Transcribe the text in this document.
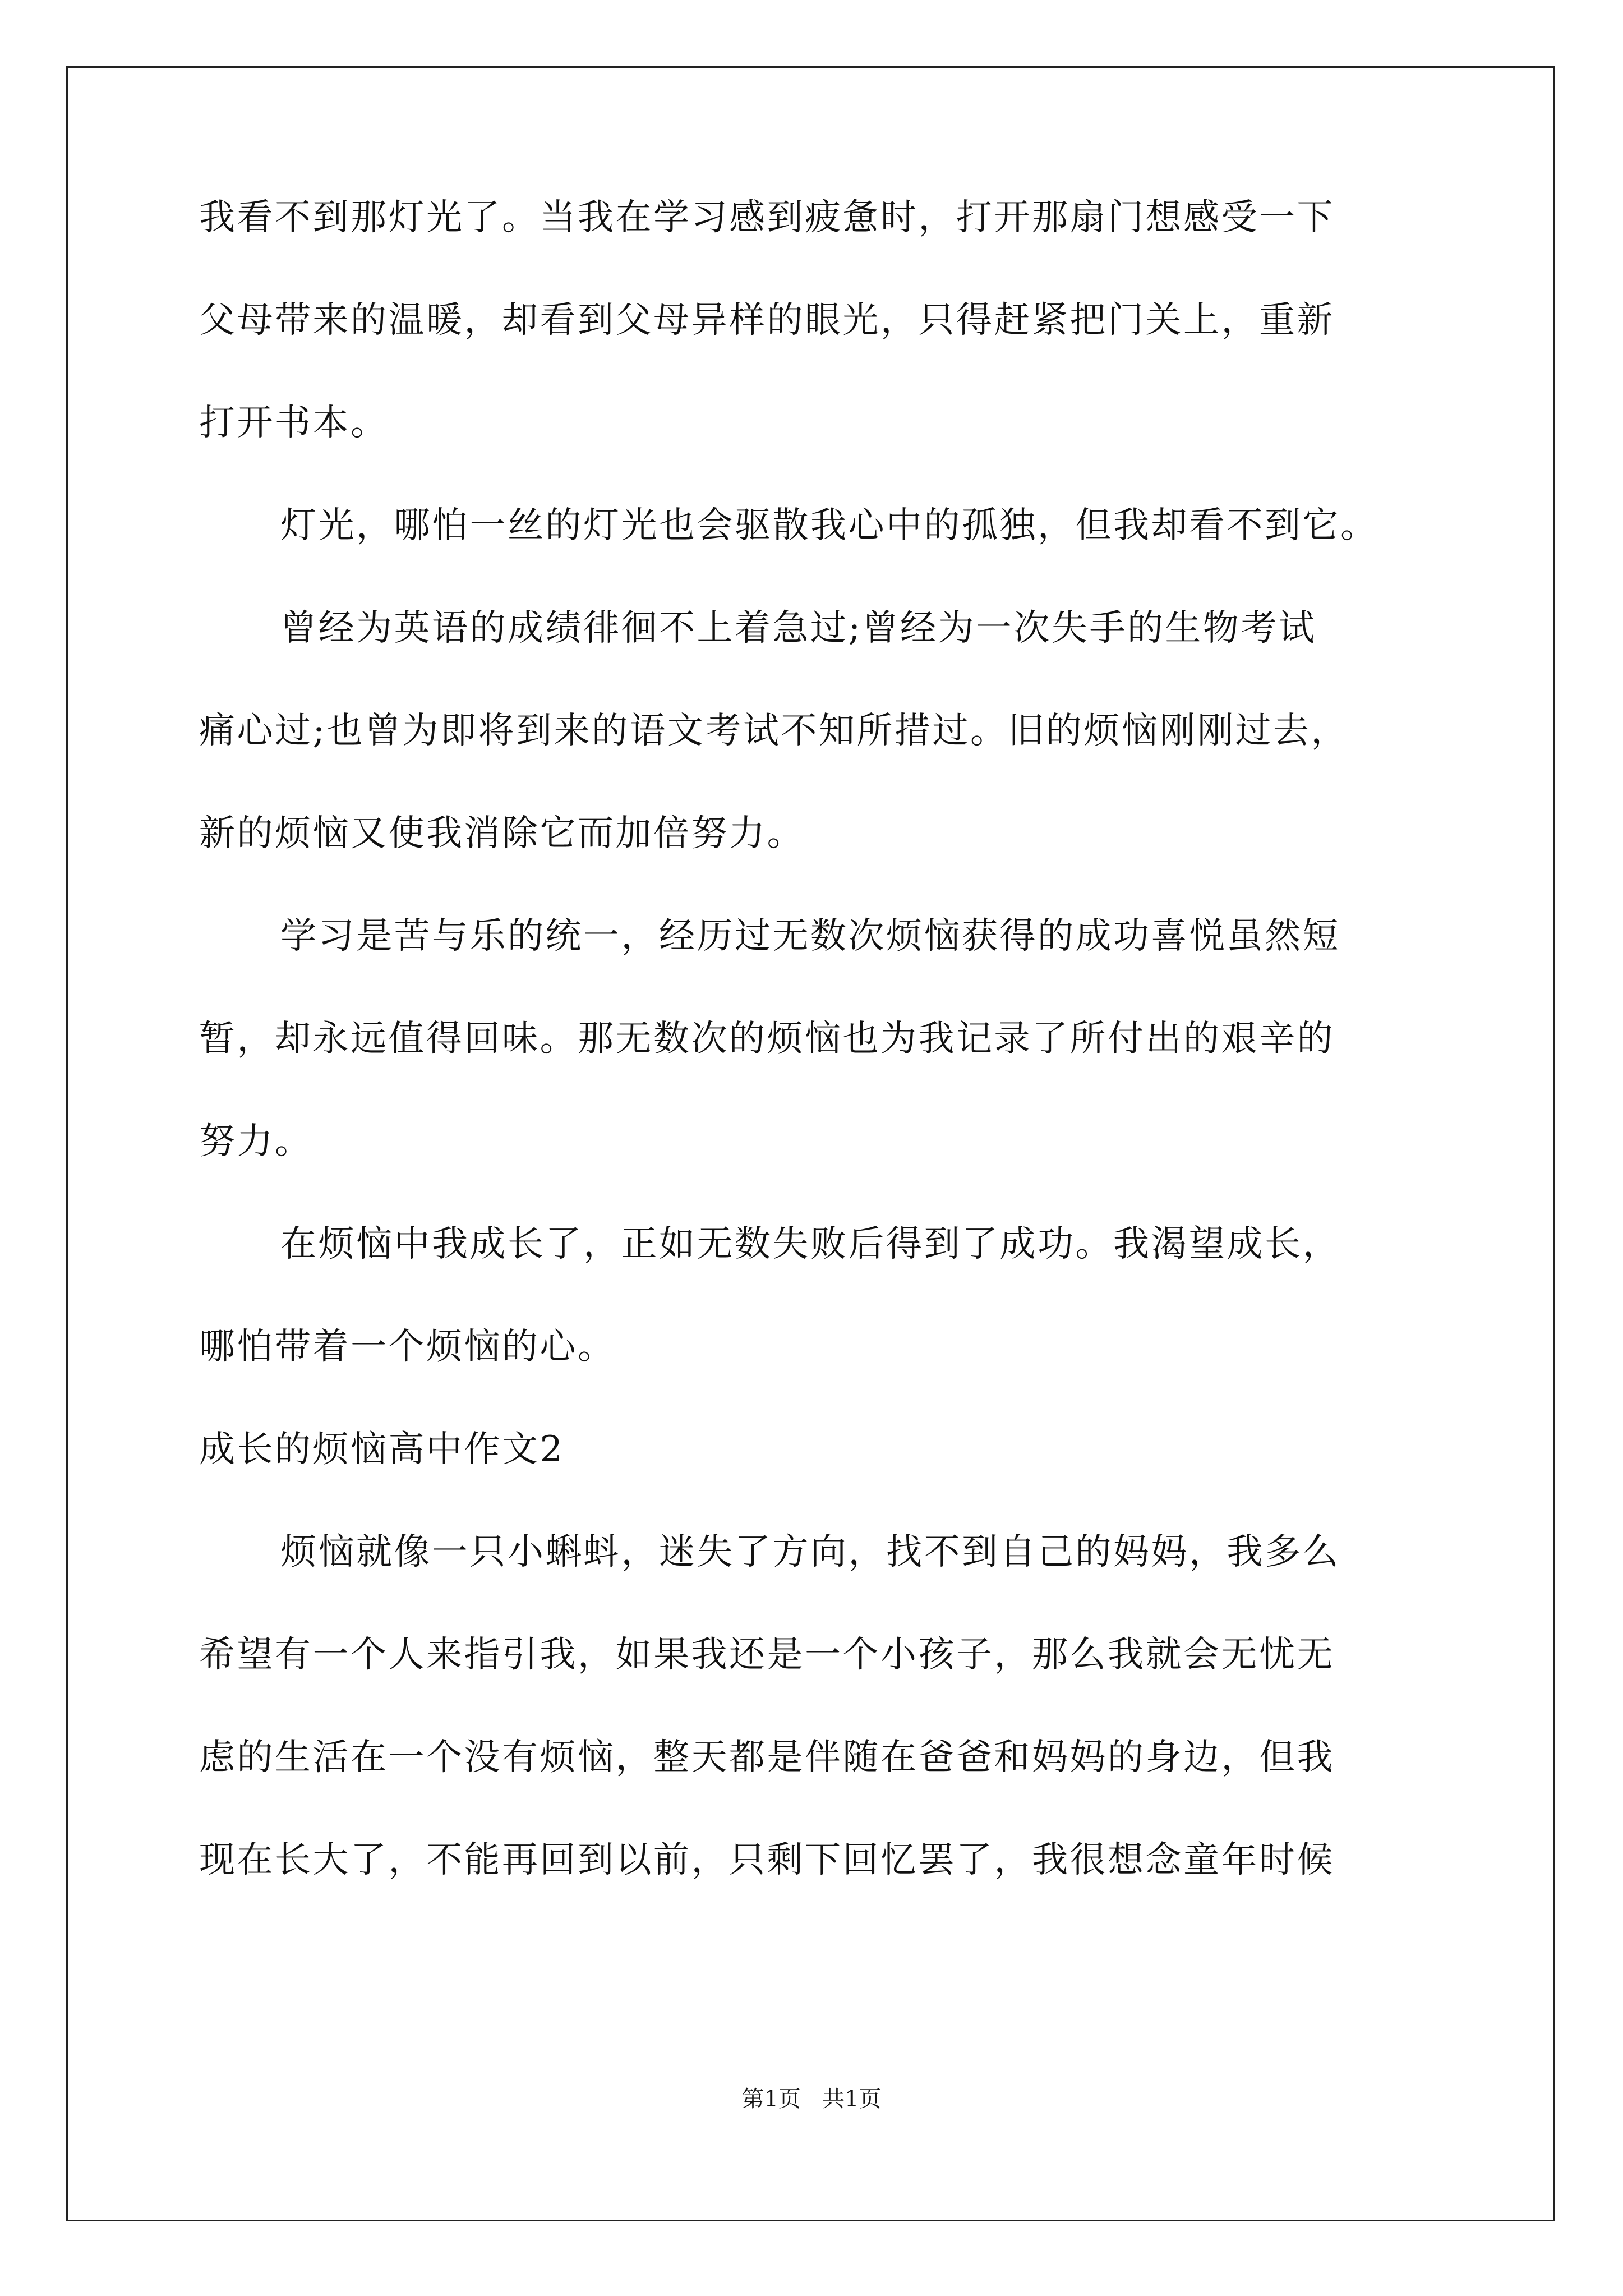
我看不到那灯光了。当我在学习感到疲惫时，打开那扇门想感受一下
父母带来的温暖，却看到父母异样的眼光，只得赶紧把门关上，重新
打开书本。
灯光，哪怕一丝的灯光也会驱散我心中的孤独，但我却看不到它。
曾经为英语的成绩徘徊不上着急过;曾经为一次失手的生物考试
痛心过;也曾为即将到来的语文考试不知所措过。旧的烦恼刚刚过去，
新的烦恼又使我消除它而加倍努力。
学习是苦与乐的统一，经历过无数次烦恼获得的成功喜悦虽然短
暂，却永远值得回味。那无数次的烦恼也为我记录了所付出的艰辛的
努力。
在烦恼中我成长了，正如无数失败后得到了成功。我渴望成长，
哪怕带着一个烦恼的心。
成长的烦恼高中作文2
烦恼就像一只小蝌蚪，迷失了方向，找不到自己的妈妈，我多么
希望有一个人来指引我，如果我还是一个小孩子，那么我就会无忧无
虑的生活在一个没有烦恼，整天都是伴随在爸爸和妈妈的身边，但我
现在长大了，不能再回到以前，只剩下回忆罢了，我很想念童年时候
第1页   共1页
